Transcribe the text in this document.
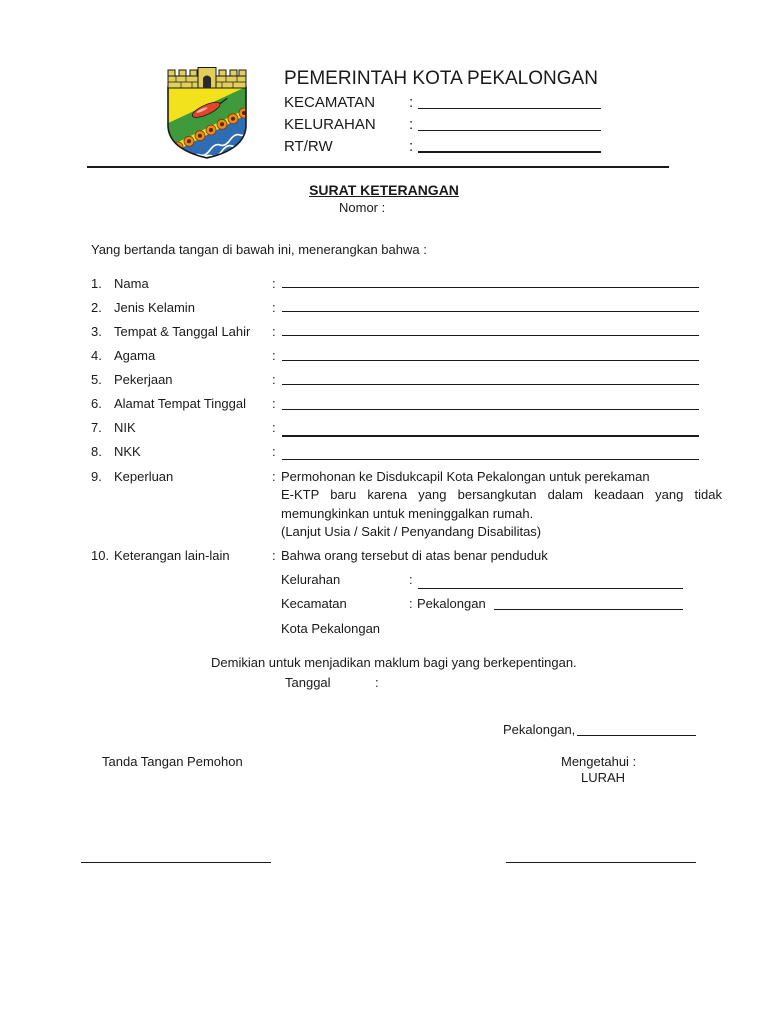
PEMERINTAH KOTA PEKALONGAN
KECAMATAN :
KELURAHAN :
RT/RW	:
SURAT KETERANGAN
Nomor :
Yang bertanda tangan di bawah ini, menerangkan bahwa :
1. Nama	:
2. Jenis Kelamin	:
3. Tempat & Tanggal Lahir :
4. Agama	:
5. Pekerjaan	:
6. Alamat Tempat Tinggal :
7. NIK	:
8. NKK	:
9. Keperluan	: Permohonan ke Disdukcapil Kota Pekalongan untuk perekaman
E-KTP baru karena yang bersangkutan dalam keadaan yang tidak
memungkinkan untuk meninggalkan rumah.
(Lanjut Usia / Sakit / Penyandang Disabilitas)
10. Keterangan lain-lain	: Bahwa orang tersebut di atas benar penduduk
Kelurahan	:
Kecamatan	: Pekalongan
Kota Pekalongan
Demikian untuk menjadikan maklum bagi yang berkepentingan.
Tanggal	:
Pekalongan,
Tanda Tangan Pemohon	Mengetahui :
LURAH
